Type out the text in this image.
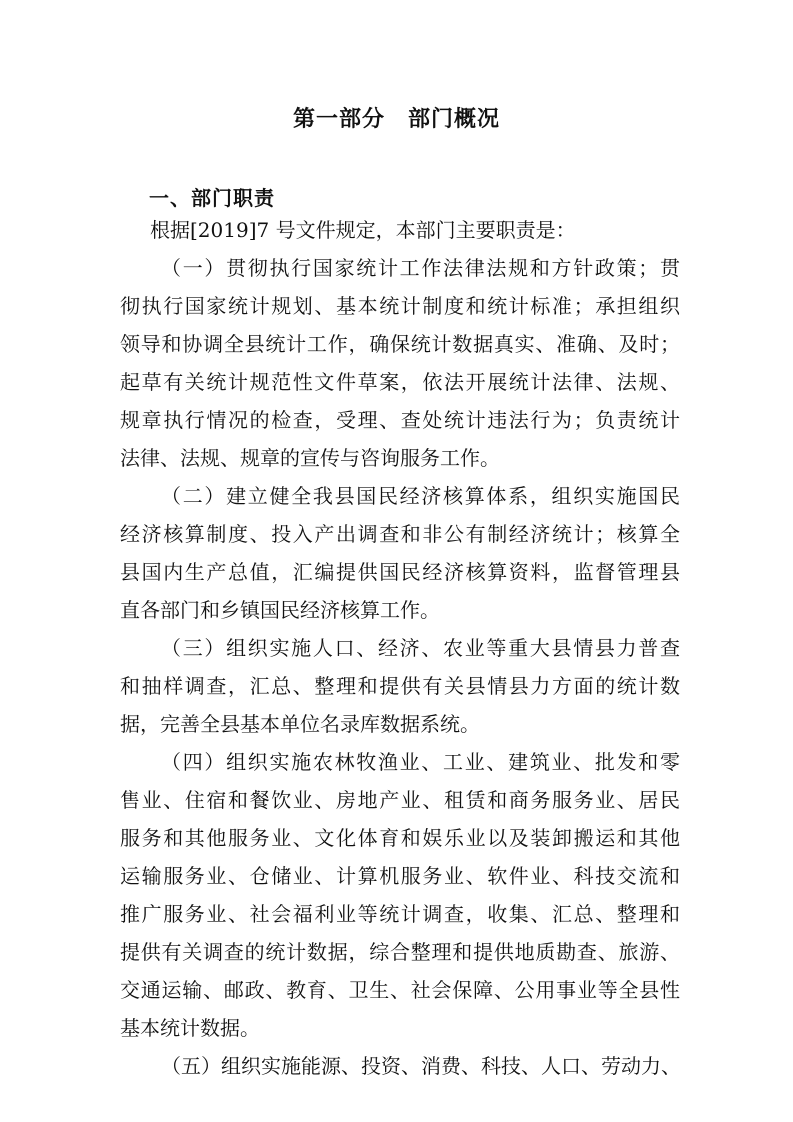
第一部分　部门概况
一、部门职责
根据[2019]7 号文件规定，本部门主要职责是：
（一）贯彻执行国家统计工作法律法规和方针政策；贯
彻执行国家统计规划、基本统计制度和统计标准；承担组织
领导和协调全县统计工作，确保统计数据真实、准确、及时；
起草有关统计规范性文件草案，依法开展统计法律、法规、
规章执行情况的检查，受理、查处统计违法行为；负责统计
法律、法规、规章的宣传与咨询服务工作。
（二）建立健全我县国民经济核算体系，组织实施国民
经济核算制度、投入产出调查和非公有制经济统计；核算全
县国内生产总值，汇编提供国民经济核算资料，监督管理县
直各部门和乡镇国民经济核算工作。
（三）组织实施人口、经济、农业等重大县情县力普查
和抽样调查，汇总、整理和提供有关县情县力方面的统计数
据，完善全县基本单位名录库数据系统。
（四）组织实施农林牧渔业、工业、建筑业、批发和零
售业、住宿和餐饮业、房地产业、租赁和商务服务业、居民
服务和其他服务业、文化体育和娱乐业以及装卸搬运和其他
运输服务业、仓储业、计算机服务业、软件业、科技交流和
推广服务业、社会福利业等统计调查，收集、汇总、整理和
提供有关调查的统计数据，综合整理和提供地质勘查、旅游、
交通运输、邮政、教育、卫生、社会保障、公用事业等全县性
基本统计数据。
（五）组织实施能源、投资、消费、科技、人口、劳动力、
